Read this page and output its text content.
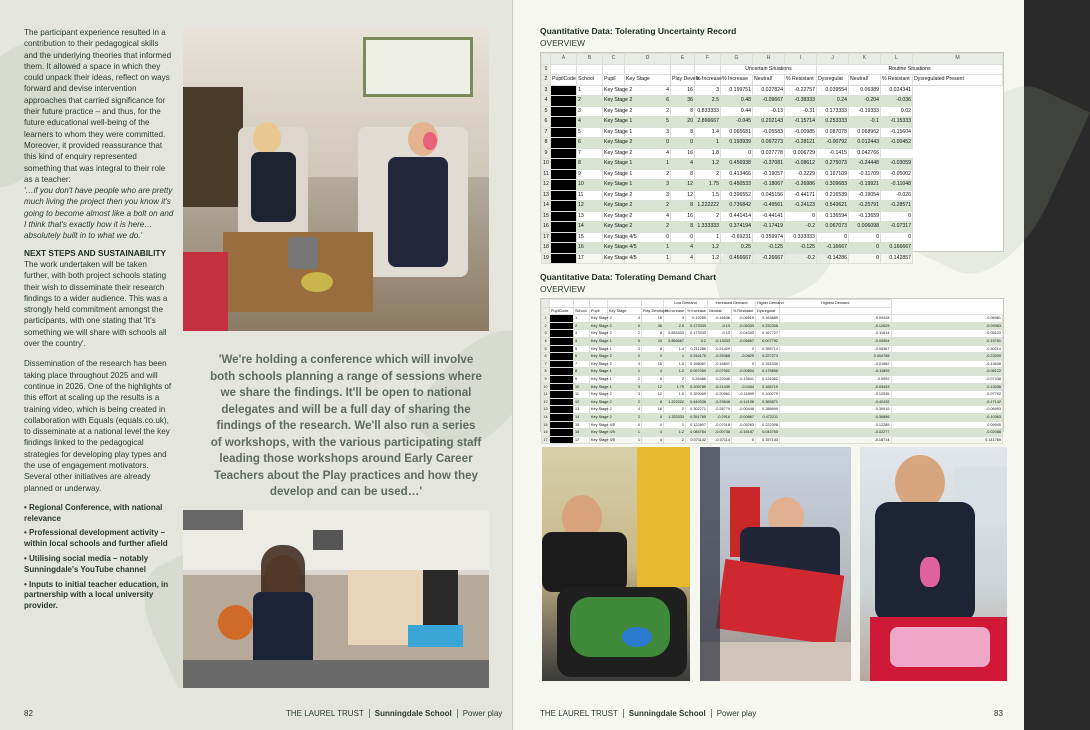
The participant experience resulted in a contribution to their pedagogical skills and the underlying theories that informed them. It allowed a space in which they could unpack their ideas, reflect on ways forward and devise intervention approaches that carried significance for their future practice – and thus, for the future educational well-being of the learners to whom they were committed. Moreover, it provided reassurance that this kind of enquiry represented something that was integral to their role as a teacher:

'…if you don't have people who are pretty much living the project then you know it's going to become almost like a bolt on and I think that's exactly how it is here… absolutely built in to what we do.'

NEXT STEPS AND SUSTAINABILITY

The work undertaken will be taken further, with both project schools stating their wish to disseminate their research findings to a wider audience. This was a strongly held commitment amongst the participants, with one stating that 'It's something we will share with schools all over the country'.

Dissemination of the research has been taking place throughout 2025 and will continue in 2026. One of the highlights of this effort at scaling up the results is a training video, which is being created in collaboration with Equals (equals.co.uk), to disseminate at a national level the key findings linked to the pedagogical strategies for developing play types and the use of engagement motivators. Several other initiatives are already planned or underway.

• Regional Conference, with national relevance
• Professional development activity – within local schools and further afield
• Utilising social media – notably Sunningdale's YouTube channel
• Inputs to initial teacher education, in partnership with a local university provider.
'We're holding a conference which will involve both schools planning a range of sessions where we share the findings. It'll be open to national delegates and will be a full day of sharing the findings of the research. We'll also run a series of workshops, with the various participating staff leading those workshops around Early Career Teachers about the Play practices and how they develop and can be used…'
82	THE LAUREL TRUST Sunningdale School Power play
Quantitative Data: Tolerating Uncertainty Record
OVERVIEW
	A	B	C	D	E	F	G	H	I	J	K	L	M
1							Uncertain Situations			Routine Situations			
2	PupilCode	School	Pupil	Key Stage	Play Devels	% Increase	% Increase	Neutral/	% Resistant	Dysregulat	Neutral/	% Resistant	Dysregulated Present
3		1	Key Stage 2	4	16	3	0.199751	0.027824	-0.22757	0.039554	0.06389	0.024341	
4		2	Key Stage 2	6	36	2.5	0.48	-0.09667	-0.38333	0.24	-0.204	-0.036	
5		3	Key Stage 2	2	8	0.833333	0.44	-0.13	-0.31	0.173333	-0.19333	0.02	
6		4	Key Stage 1	5	20	2.866667	-0.045	0.202143	-0.15714	0.253333	-0.1	-0.15333	
7		5	Key Stage 1	3	8	1.4	0.065681	-0.05583	-0.00985	0.087078	0.068962	-0.15604	
8		6	Key Stage 2	0	0	1	0.193939	0.067273	-0.28121	-0.00792	0.012443	-0.00452	
9		7	Key Stage 2	4	16	1.8	0	0.027778	0.006729	-0.1415	0.042766		
10		8	Key Stage 1	1	4	1.2	0.456938	-0.37081	-0.08612	0.275073	-0.24448	-0.03059	
11		9	Key Stage 1	2	8	2	0.413466	-0.19057	-0.2229	0.167109	-0.11709	-0.05002	
12		10	Key Stage 1	3	12	1.75	0.450533	-0.18067	-0.26986	0.309683	-0.19921	-0.11048	
13		11	Key Stage 2	3	12	1.5	0.396552	0.045156	-0.44171	0.216539	-0.19054	-0.026	
14		12	Key Stage 2	2	8	1.222222	0.736842	-0.49561	-0.24123	0.543621	-0.25791	-0.28571	
15		13	Key Stage 2	4	16	2	0.441414	-0.44141	0	0.136594	-0.13659	0	
16		14	Key Stage 2	2	8	1.333333	0.374194	-0.17419	-0.2	0.067073	0.006098	-0.07317	
17		15	Key Stage 4/5	0	0	1	-0.69231	0.359974	0.333333	0	0	0	
18		16	Key Stage 4/5	1	4	1.2	0.25	-0.125	-0.125	-0.16667	0	0.166667	
19		17	Key Stage 4/5	1	4	1.2	0.466667	-0.26667	-0.2	-0.14286	0	0.142857	
Quantitative Data: Tolerating Demand Chart
OVERVIEW
						Low Demand		Increased Demand		Higher Demand	Highest Demand	
	PupilCode	School	Pupil	Key Stage	Play Developm	% Increase	% Increase	Neutral/	% Resistant	Dysregulat		
1		1	Key Stage 2	4	16	3	0.19255	-0.16636	-0.06619	0.163889	-0.09428	-0.06981
2		2	Key Stage 2	6	36	2.5	0.173333	-0.13	-0.06333	0.232308	-0.12629	-0.09983
3		3	Key Stage 2	2	8	0.833333	0.173333	-0.13	-0.04333	0.167727	-0.11614	-0.05103
4		4	Key Stage 1	5	20	2.866667	0.2	-0.13333	-0.06667	0.007792	-0.00554	-0.19751
5		5	Key Stage 1	3	8	1.4	0.211286	-0.21429	0	0.355714	-0.05367	-0.30214
6		6	Key Stage 2	0	0	1	0.316176	-0.25368	-0.0625	0.227273	0.004765	-0.23209
7		7	Key Stage 2	4	16	1.8	0.168067	-0.16807	0	0.154336	-0.01982	-0.13638
8		8	Key Stage 1	1	4	1.2	0.097059	-0.07902	-0.00804	0.175896	-0.11892	-0.06122
9		9	Key Stage 1	2	8	2	0.26486	-0.22048	-0.13541	0.131062	-0.0992	-0.07438
10		10	Key Stage 1	3	12	1.75	0.209789	-0.21439	-0.0454	0.165719	-0.03443	-0.13036
11		11	Key Stage 2	3	12	1.5	0.329069	-0.20961	-0.11899	0.100279	-0.12935	-0.07792
12		12	Key Stage 2	2	8	1.222222	0.449336	-0.29646	-0.14196	0.365671	-0.42432	-0.17142
13		13	Key Stage 2	4	16	2	0.302271	-0.28779	-0.00448	0.288699	-0.30915	-0.06993
14		14	Key Stage 2	2	8	1.333333	0.351765	-0.2916	-0.00867	0.472211	-0.36886	-0.10363
15		15	Key Stage 4/5	0	0	1	0.122807	-0.07018	-0.05263	0.222306	-0.12285	-0.09945
16		16	Key Stage 4/5	1	4	1.2	0.084784	-0.00738	-0.18187	0.043755	-0.02277	-0.02088
17		17	Key Stage 4/5	1	4	2	0.071142	-0.07114	0	0.157143	-0.18714	0.141769
THE LAUREL TRUST Sunningdale School Power play	83
